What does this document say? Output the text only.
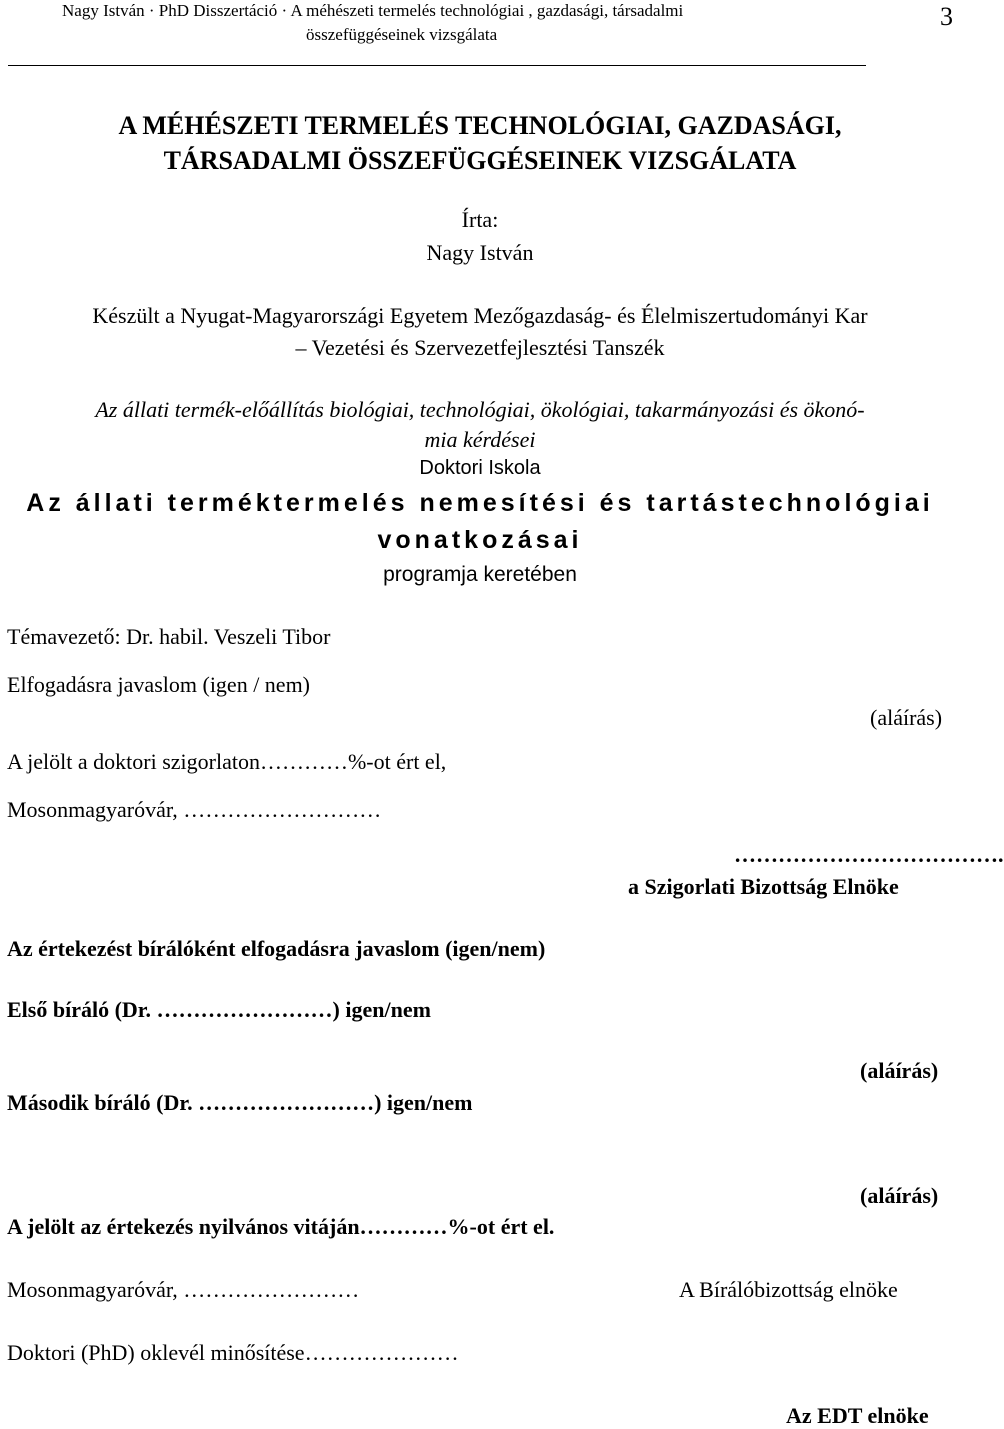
Nagy István · PhD Disszertáció · A méhészeti termelés technológiai , gazdasági, társadalmi
összefüggéseinek vizsgálata
3
A MÉHÉSZETI TERMELÉS TECHNOLÓGIAI, GAZDASÁGI,
TÁRSADALMI ÖSSZEFÜGGÉSEINEK VIZSGÁLATA
Írta:
Nagy István
Készült a Nyugat-Magyarországi Egyetem Mezőgazdaság- és Élelmiszertudományi Kar
– Vezetési és Szervezetfejlesztési Tanszék
Az állati termék-előállítás biológiai, technológiai, ökológiai, takarmányozási és ökonó-
mia kérdései
Doktori Iskola
Az állati terméktermelés nemesítési és tartástechnológiai
vonatkozásai
programja keretében
Témavezető: Dr. habil. Veszeli Tibor
Elfogadásra javaslom (igen / nem)
(aláírás)
A jelölt a doktori szigorlaton…………%-ot ért el,
Mosonmagyaróvár, ………………………
……………………………….
a Szigorlati Bizottság Elnöke
Az értekezést bírálóként elfogadásra javaslom (igen/nem)
Első bíráló (Dr. ……………………) igen/nem
(aláírás)
Második bíráló (Dr. ……………………) igen/nem
(aláírás)
A jelölt az értekezés nyilvános vitáján…………%-ot ért el.
Mosonmagyaróvár, ……………………	A Bírálóbizottság elnöke
Doktori (PhD) oklevél minősítése…………………
Az EDT elnöke
